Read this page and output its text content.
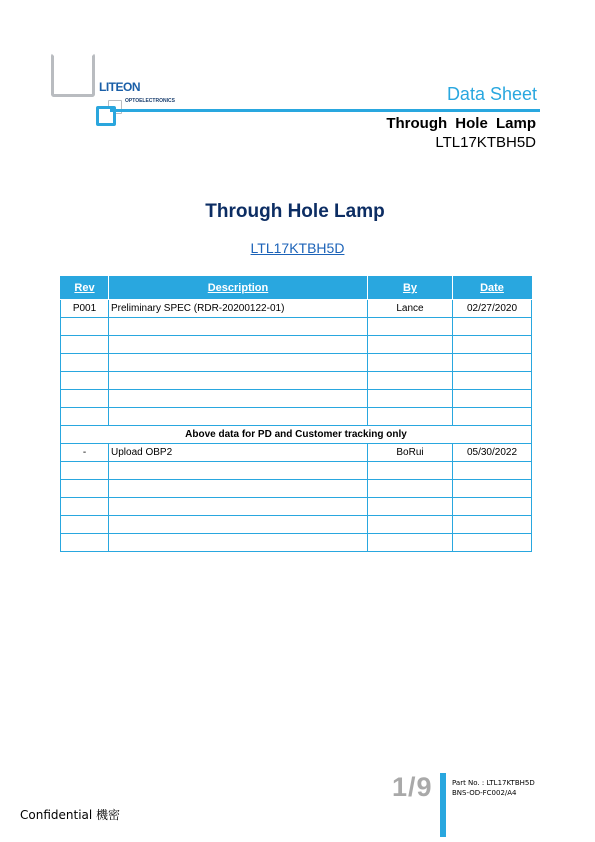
LITEON
OPTOELECTRONICS	Data Sheet
Through Hole Lamp
LTL17KTBH5D
Through Hole Lamp
LTL17KTBH5D
Rev	Description	By	Date
P001	Preliminary SPEC (RDR-20200122-01)	Lance	02/27/2020

Above data for PD and Customer tracking only			
-	Upload OBP2	BoRui	05/30/2022

1/9	Part No. : LTL17KTBH5D
BNS-OD-FC002/A4
Confidential 機密
